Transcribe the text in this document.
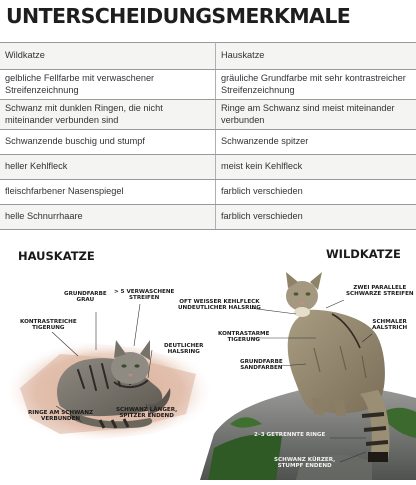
UNTERSCHEIDUNGSMERKMALE
Wildkatze	Hauskatze
gelbliche Fellfarbe mit verwaschener Streifenzeichnung	gräuliche Grundfarbe mit sehr kontrastreicher Streifenzeichnung
Schwanz mit dunklen Ringen, die nicht miteinander verbunden sind	Ringe am Schwanz sind meist miteinander verbunden
Schwanzende buschig und stumpf	Schwanzende spitzer
heller Kehlfleck	meist kein Kehlfleck
fleischfarbener Nasenspiegel	farblich verschieden
helle Schnurrhaare	farblich verschieden
HAUSKATZE
GRUNDFARBE
GRAU
> 5 VERWASCHENE
STREIFEN
KONTRASTREICHE
TIGERUNG
DEUTLICHER
HALSRING
RINGE AM SCHWANZ
VERBUNDEN
SCHWANZ LÄNGER,
SPITZER ENDEND
WILDKATZE
ZWEI PARALLELE
SCHWARZE STREIFEN
OFT WEISSER KEHLFLECK
UNDEUTLICHER HALSRING
SCHMALER
AALSTRICH
KONTRASTARME
TIGERUNG
GRUNDFARBE
SANDFARBEN
2–3 GETRENNTE RINGE
SCHWANZ KÜRZER,
STUMPF ENDEND
